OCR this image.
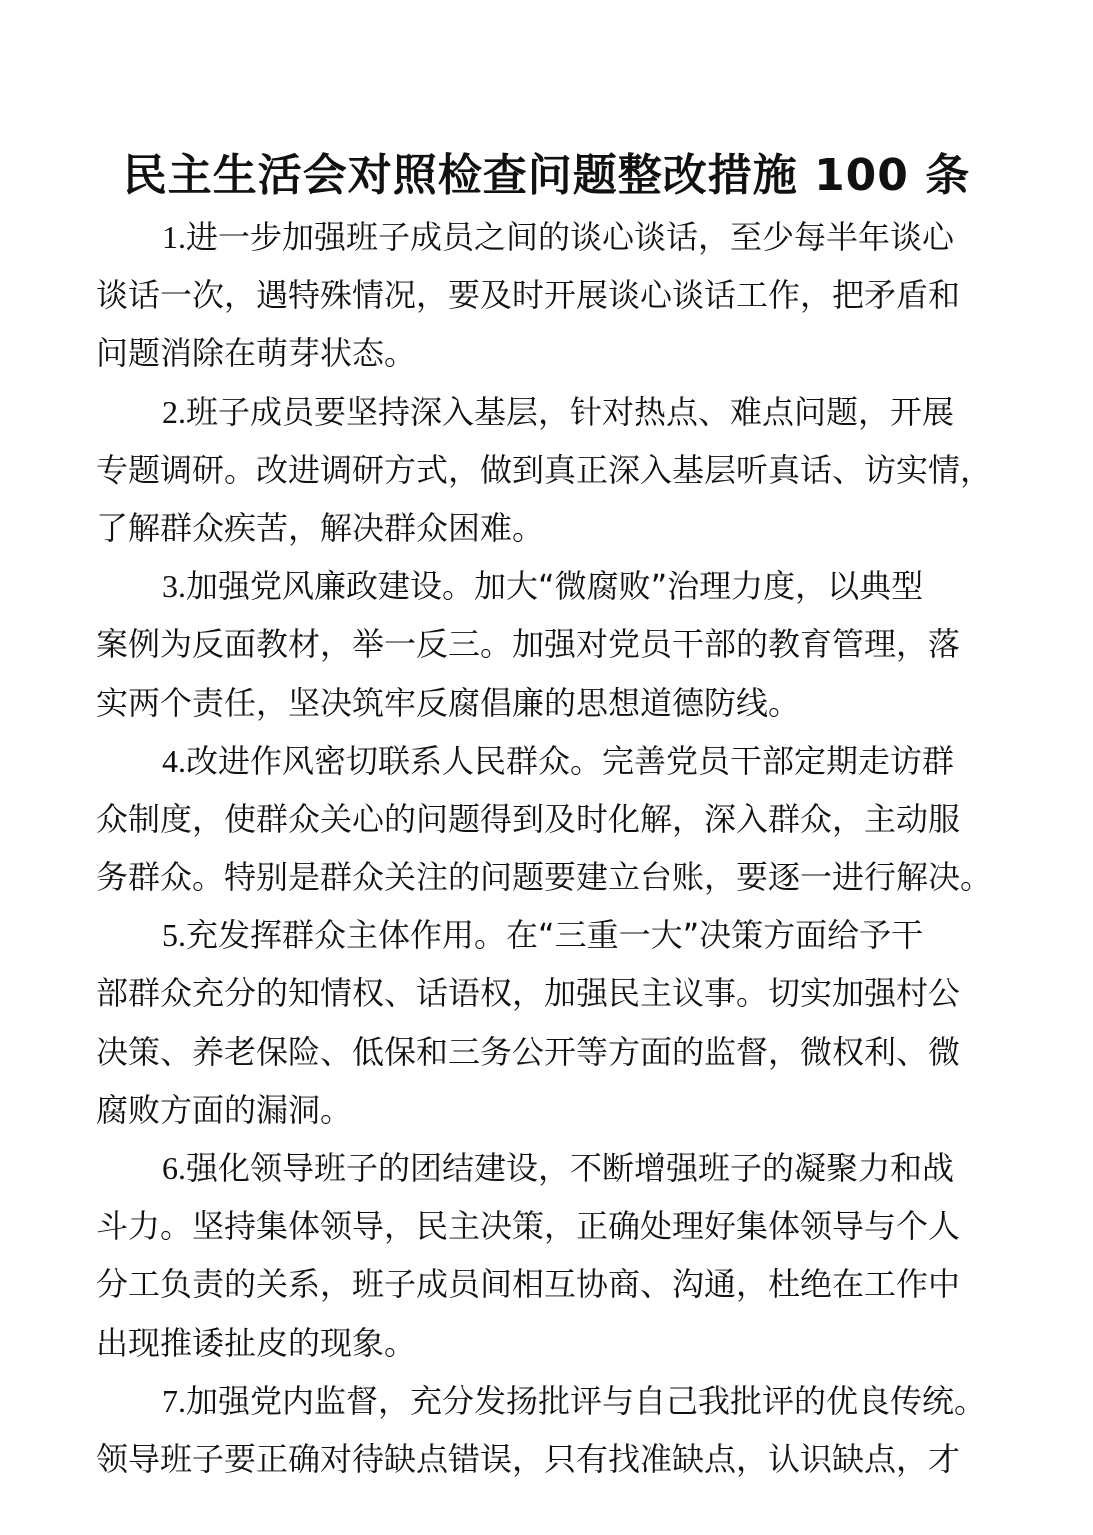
民主生活会对照检查问题整改措施 100 条
1.进一步加强班子成员之间的谈心谈话，至少每半年谈心
谈话一次，遇特殊情况，要及时开展谈心谈话工作，把矛盾和
问题消除在萌芽状态。
2.班子成员要坚持深入基层，针对热点、难点问题，开展
专题调研。改进调研方式，做到真正深入基层听真话、访实情，
了解群众疾苦，解决群众困难。
3.加强党风廉政建设。加大“微腐败”治理力度，以典型
案例为反面教材，举一反三。加强对党员干部的教育管理，落
实两个责任，坚决筑牢反腐倡廉的思想道德防线。
4.改进作风密切联系人民群众。完善党员干部定期走访群
众制度，使群众关心的问题得到及时化解，深入群众，主动服
务群众。特别是群众关注的问题要建立台账，要逐一进行解决。
5.充发挥群众主体作用。在“三重一大”决策方面给予干
部群众充分的知情权、话语权，加强民主议事。切实加强村公
决策、养老保险、低保和三务公开等方面的监督，微权利、微
腐败方面的漏洞。
6.强化领导班子的团结建设，不断增强班子的凝聚力和战
斗力。坚持集体领导，民主决策，正确处理好集体领导与个人
分工负责的关系，班子成员间相互协商、沟通，杜绝在工作中
出现推诿扯皮的现象。
7.加强党内监督，充分发扬批评与自己我批评的优良传统。
领导班子要正确对待缺点错误，只有找准缺点，认识缺点，才
